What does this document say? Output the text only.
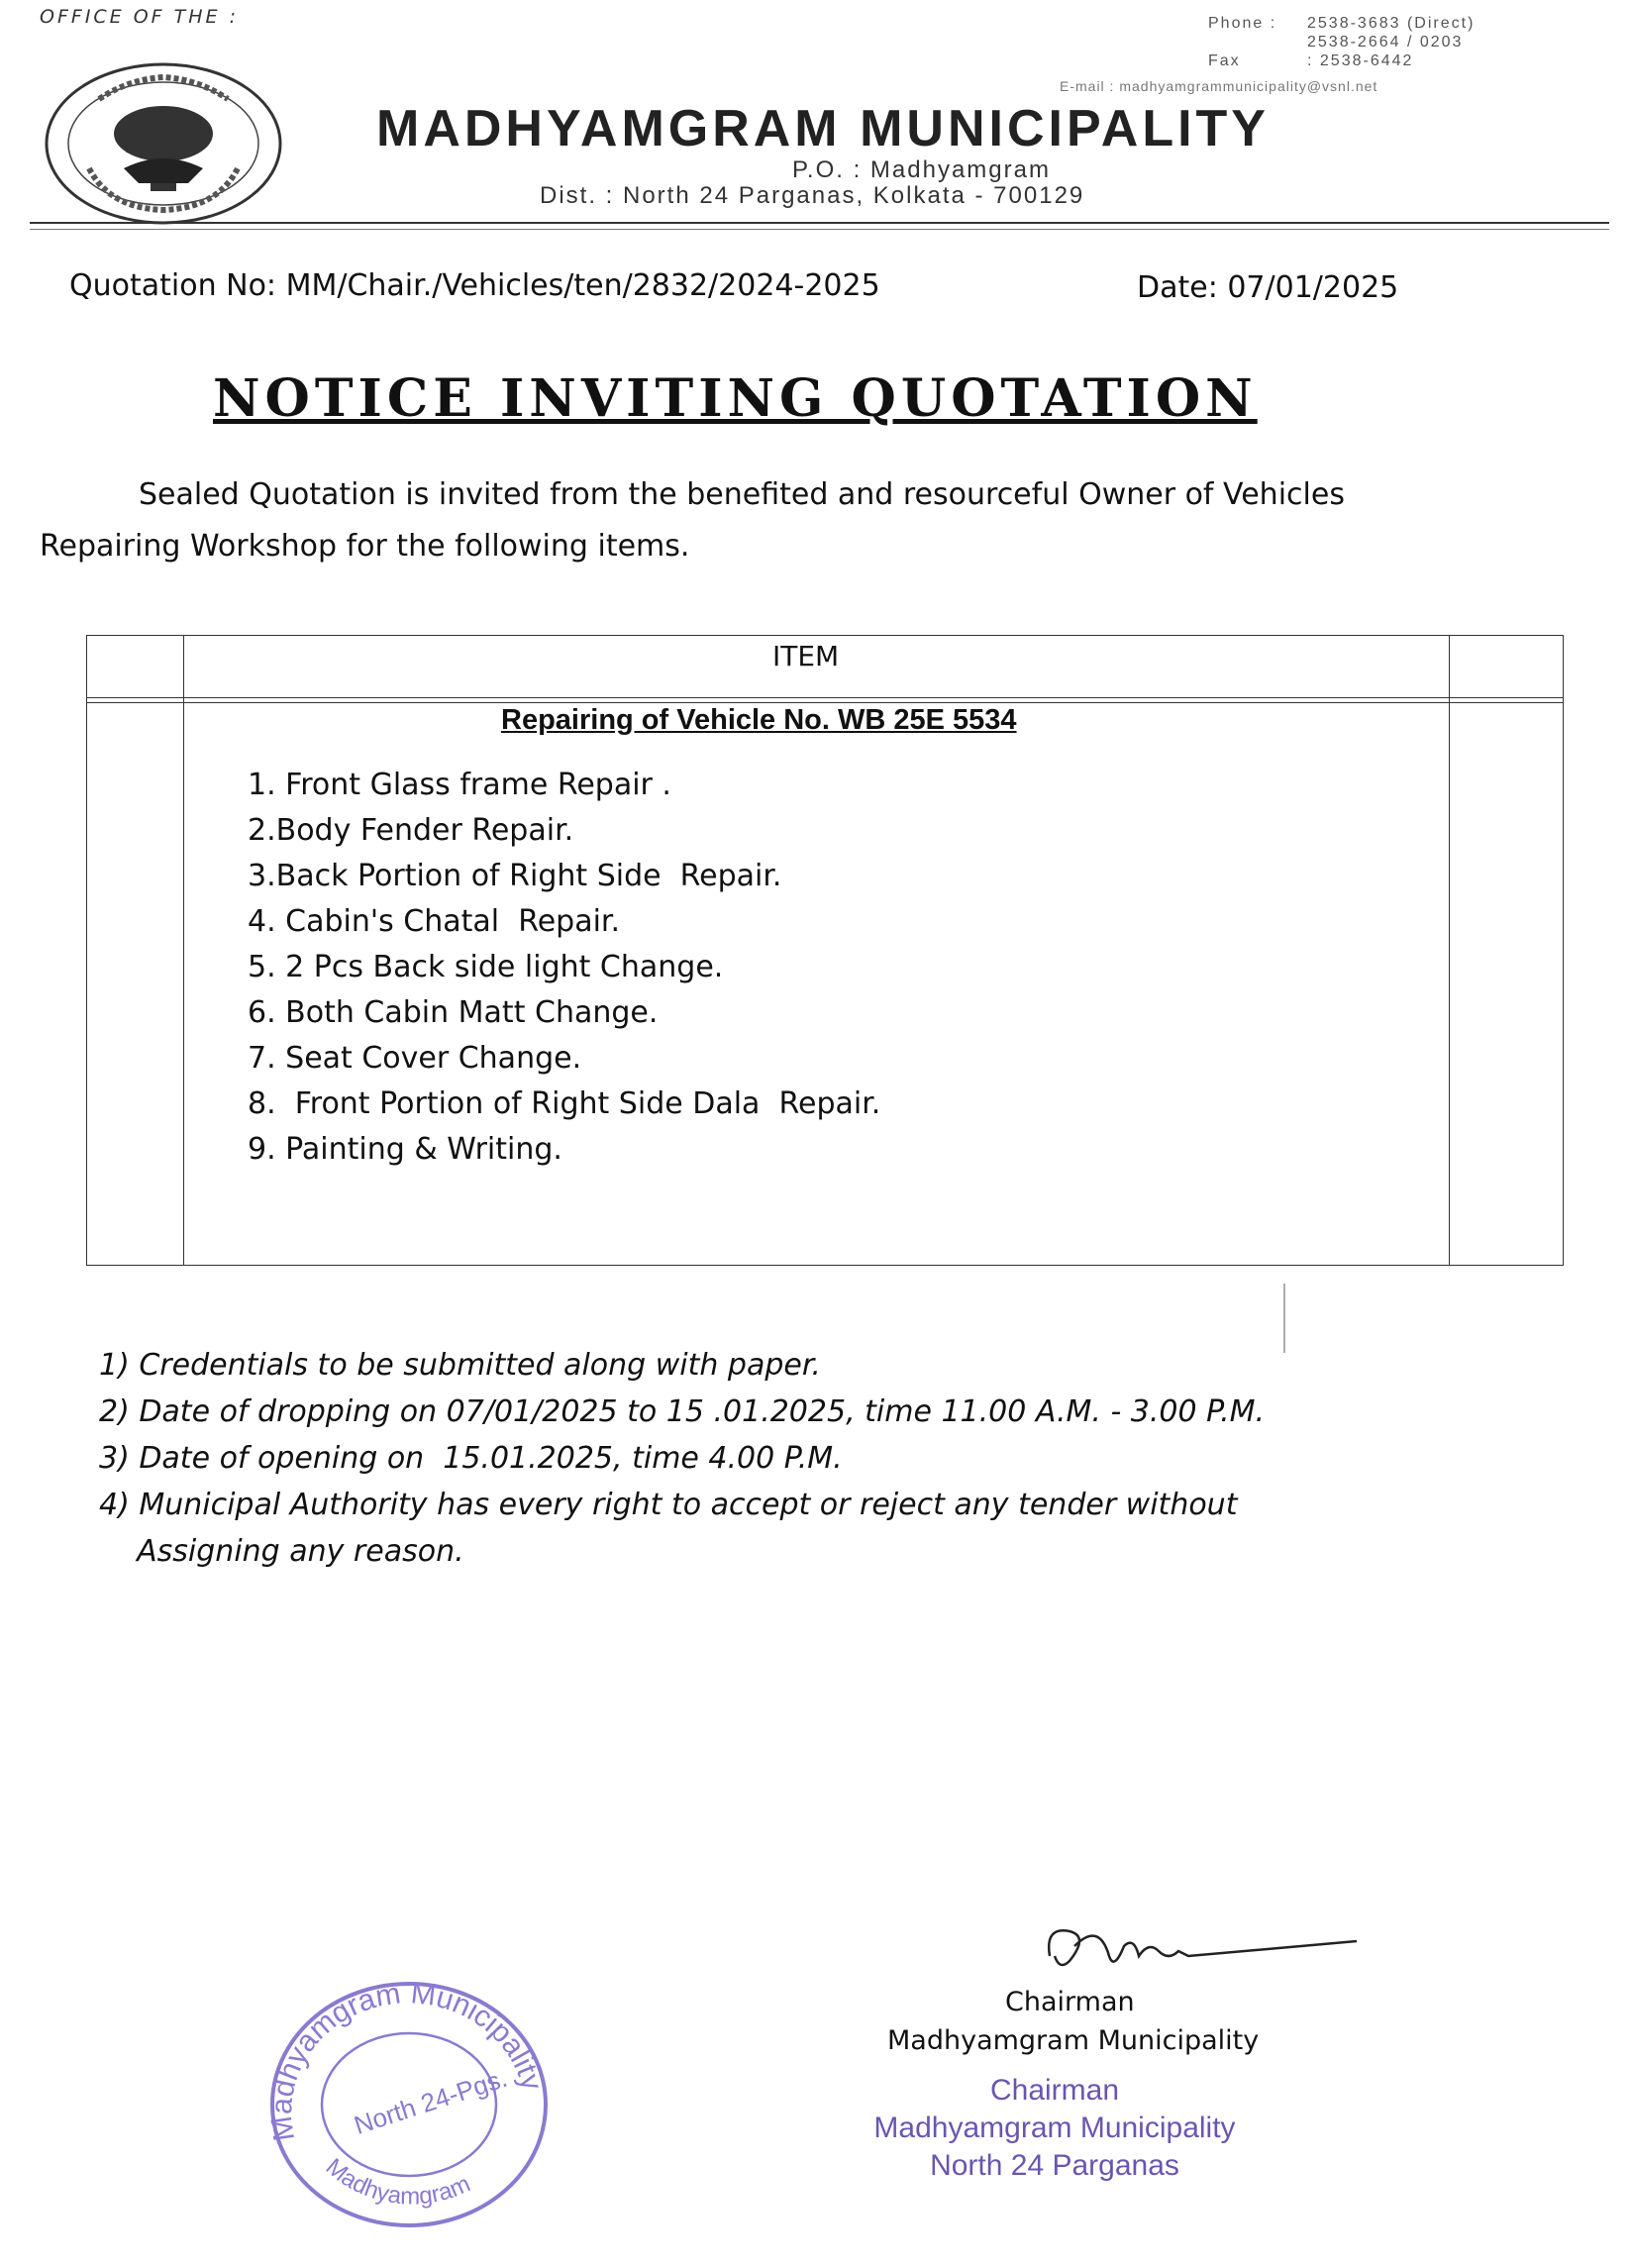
OFFICE OF THE :	Phone :	2538-3683 (Direct)
2538-2664 / 0203
Fax	: 2538-6442
E-mail : madhyamgrammunicipality@vsnl.net
MADHYAMGRAM MUNICIPALITY
P.O. : Madhyamgram
Dist. : North 24 Parganas, Kolkata - 700129
Quotation No: MM/Chair./Vehicles/ten/2832/2024-2025	Date: 07/01/2025
NOTICE INVITING QUOTATION
Sealed Quotation is invited from the benefited and resourceful Owner of Vehicles
Repairing Workshop for the following items.
ITEM
Repairing of Vehicle No. WB 25E 5534
1. Front Glass frame Repair .
2.Body Fender Repair.
3.Back Portion of Right Side  Repair.
4. Cabin's Chatal  Repair.
5. 2 Pcs Back side light Change.
6. Both Cabin Matt Change.
7. Seat Cover Change.
8.  Front Portion of Right Side Dala  Repair.
9. Painting & Writing.
1) Credentials to be submitted along with paper.
2) Date of dropping on 07/01/2025 to 15 .01.2025, time 11.00 A.M. - 3.00 P.M.
3) Date of opening on  15.01.2025, time 4.00 P.M.
4) Municipal Authority has every right to accept or reject any tender without
Assigning any reason.
Madhyamgram Municipality
North 24-Pgs.
Madhyamgram
Chairman
Madhyamgram Municipality
Chairman
Madhyamgram Municipality
North 24 Parganas
